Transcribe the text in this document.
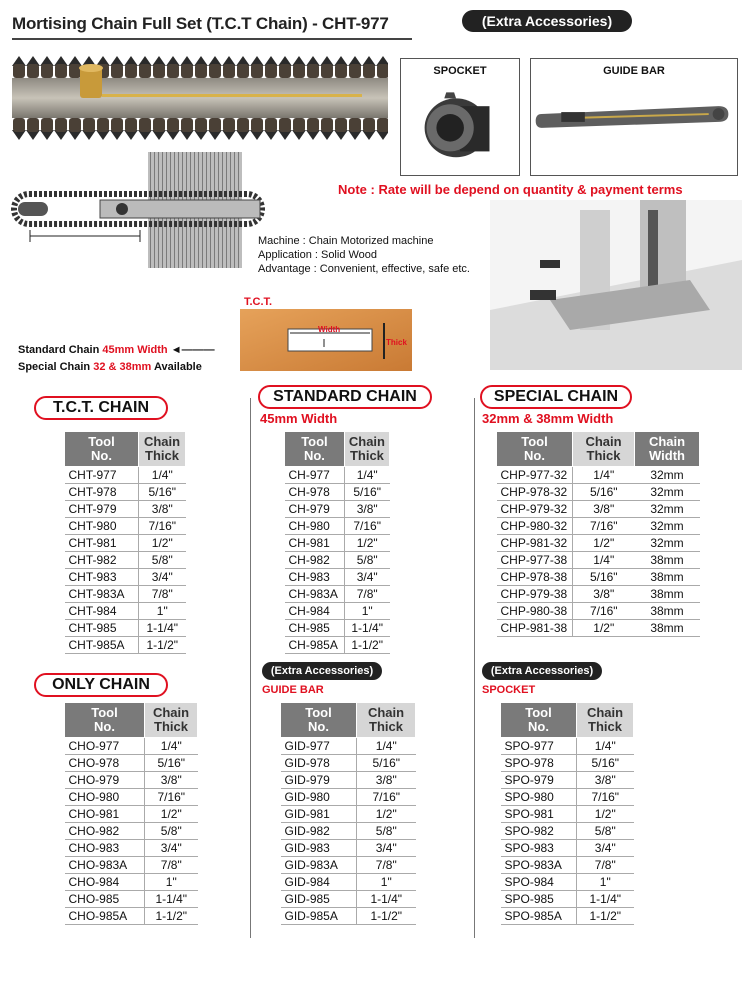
Mortising Chain Full Set (T.C.T Chain) - CHT-977	(Extra Accessories)
SPOCKET	GUIDE BAR
Note : Rate will be depend on quantity & payment terms
Machine : Chain Motorized machine
Application : Solid Wood
Advantage : Convenient, effective, safe etc.
T.C.T.
Width
Thick
Standard Chain 45mm Width ◄———
Special Chain 32 & 38mm Available
T.C.T. CHAIN
STANDARD CHAIN
45mm Width
SPECIAL CHAIN
32mm & 38mm Width
ONLY CHAIN
(Extra Accessories)
GUIDE BAR
(Extra Accessories)
SPOCKET
Tool
No.	Chain
Thick
CHT-977	1/4"
CHT-978	5/16"
CHT-979	3/8"
CHT-980	7/16"
CHT-981	1/2"
CHT-982	5/8"
CHT-983	3/4"
CHT-983A	7/8"
CHT-984	1"
CHT-985	1-1/4"
CHT-985A	1-1/2"
Tool
No.	Chain
Thick
CH-977	1/4"
CH-978	5/16"
CH-979	3/8"
CH-980	7/16"
CH-981	1/2"
CH-982	5/8"
CH-983	3/4"
CH-983A	7/8"
CH-984	1"
CH-985	1-1/4"
CH-985A	1-1/2"
Tool
No.	Chain
Thick	Chain
Width
CHP-977-32	1/4"	32mm
CHP-978-32	5/16"	32mm
CHP-979-32	3/8"	32mm
CHP-980-32	7/16"	32mm
CHP-981-32	1/2"	32mm
CHP-977-38	1/4"	38mm
CHP-978-38	5/16"	38mm
CHP-979-38	3/8"	38mm
CHP-980-38	7/16"	38mm
CHP-981-38	1/2"	38mm
Tool
No.	Chain
Thick
CHO-977	1/4"
CHO-978	5/16"
CHO-979	3/8"
CHO-980	7/16"
CHO-981	1/2"
CHO-982	5/8"
CHO-983	3/4"
CHO-983A	7/8"
CHO-984	1"
CHO-985	1-1/4"
CHO-985A	1-1/2"
Tool
No.	Chain
Thick
GID-977	1/4"
GID-978	5/16"
GID-979	3/8"
GID-980	7/16"
GID-981	1/2"
GID-982	5/8"
GID-983	3/4"
GID-983A	7/8"
GID-984	1"
GID-985	1-1/4"
GID-985A	1-1/2"
Tool
No.	Chain
Thick
SPO-977	1/4"
SPO-978	5/16"
SPO-979	3/8"
SPO-980	7/16"
SPO-981	1/2"
SPO-982	5/8"
SPO-983	3/4"
SPO-983A	7/8"
SPO-984	1"
SPO-985	1-1/4"
SPO-985A	1-1/2"
